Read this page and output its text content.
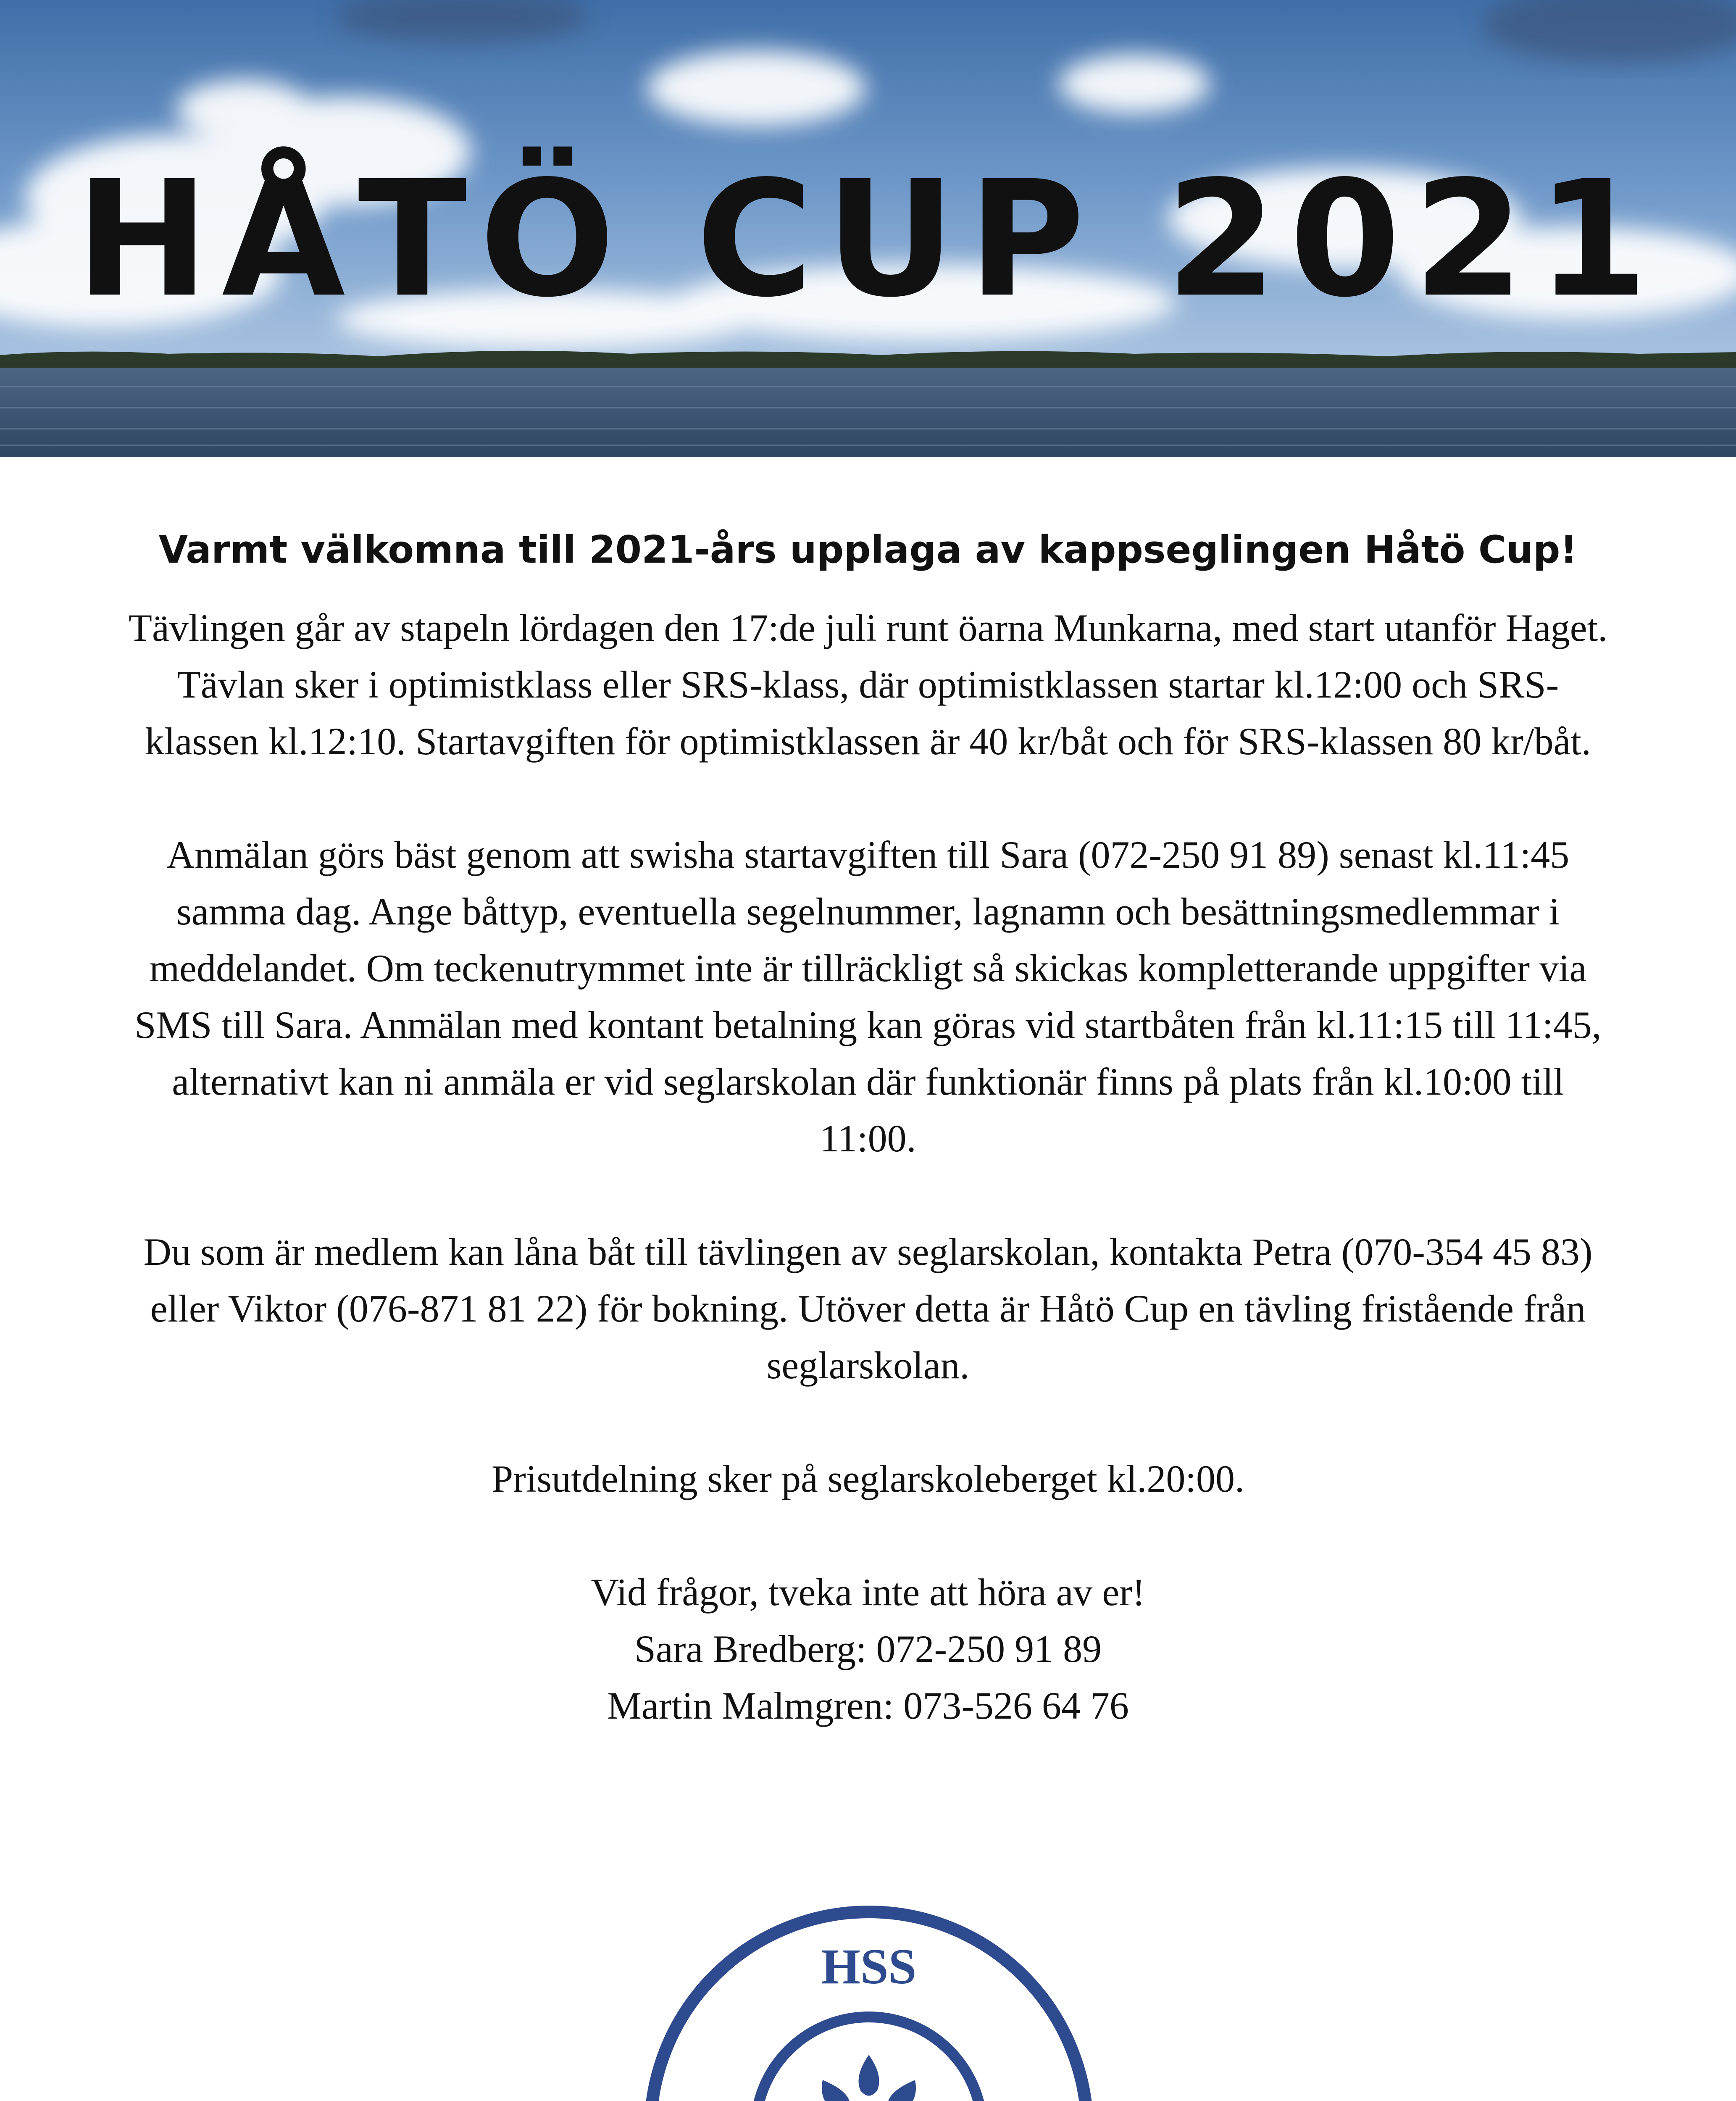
HÅTÖ CUP 2021
Varmt välkomna till 2021-års upplaga av kappseglingen Håtö Cup!

Tävlingen går av stapeln lördagen den 17:de juli runt öarna Munkarna, med start utanför Haget. Tävlan sker i optimistklass eller SRS-klass, där optimistklassen startar kl.12:00 och SRS-klassen kl.12:10. Startavgiften för optimistklassen är 40 kr/båt och för SRS-klassen 80 kr/båt.

Anmälan görs bäst genom att swisha startavgiften till Sara (072-250 91 89) senast kl.11:45 samma dag. Ange båttyp, eventuella segelnummer, lagnamn och besättningsmedlemmar i meddelandet. Om teckenutrymmet inte är tillräckligt så skickas kompletterande uppgifter via SMS till Sara. Anmälan med kontant betalning kan göras vid startbåten från kl.11:15 till 11:45, alternativt kan ni anmäla er vid seglarskolan där funktionär finns på plats från kl.10:00 till 11:00.

Du som är medlem kan låna båt till tävlingen av seglarskolan, kontakta Petra (070-354 45 83) eller Viktor (076-871 81 22) för bokning. Utöver detta är Håtö Cup en tävling fristående från seglarskolan.

Prisutdelning sker på seglarskoleberget kl.20:00.

Vid frågor, tveka inte att höra av er!
Sara Bredberg: 072-250 91 89
Martin Malmgren: 073-526 64 76
HSS
